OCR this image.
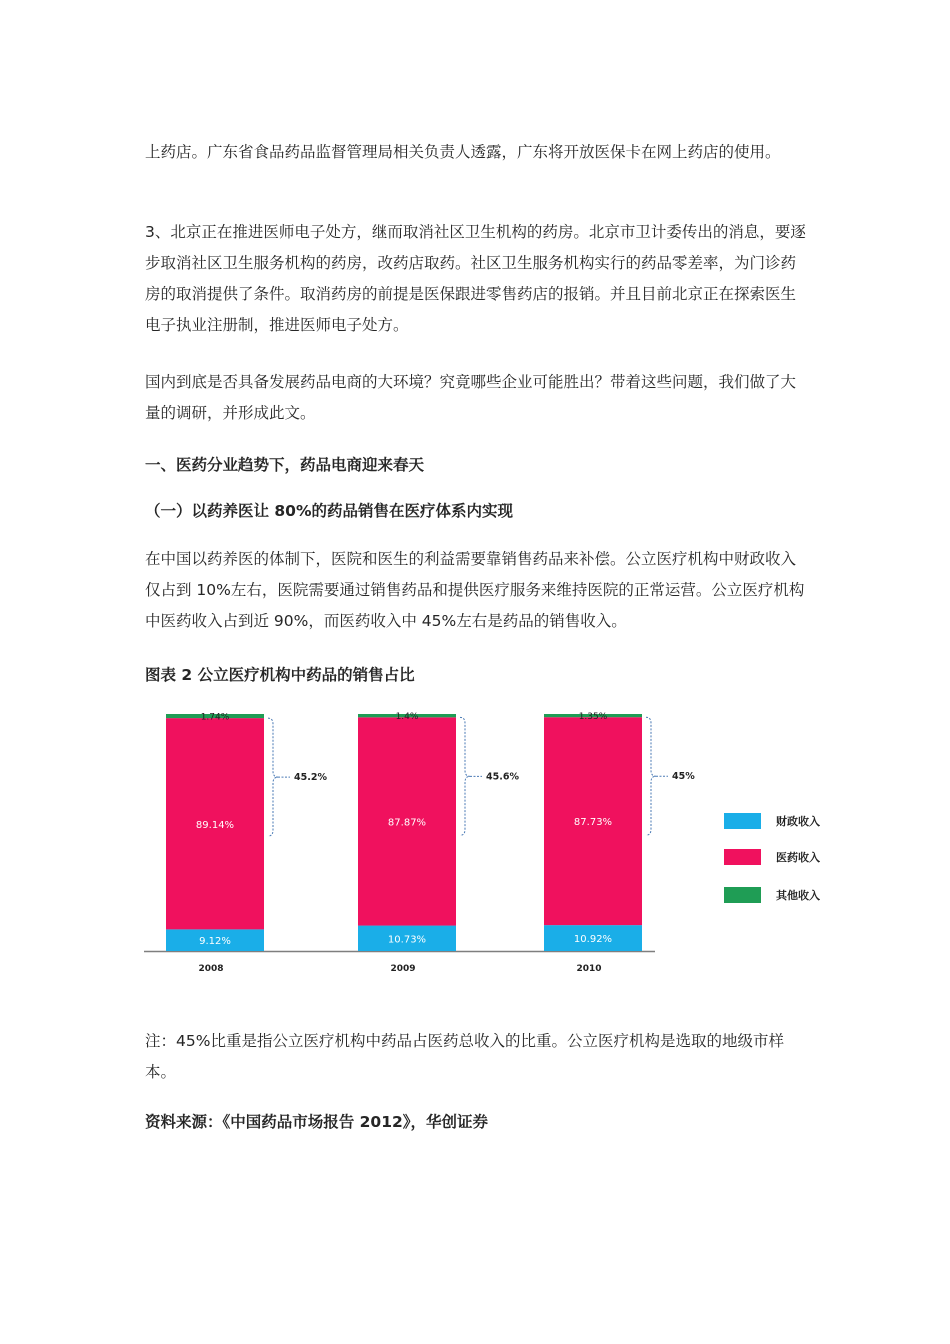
上药店。广东省食品药品监督管理局相关负责人透露，广东将开放医保卡在网上药店的使用。

3、北京正在推进医师电子处方，继而取消社区卫生机构的药房。北京市卫计委传出的消息，要逐步取消社区卫生服务机构的药房，改药店取药。社区卫生服务机构实行的药品零差率，为门诊药房的取消提供了条件。取消药房的前提是医保跟进零售药店的报销。并且目前北京正在探索医生电子执业注册制，推进医师电子处方。

国内到底是否具备发展药品电商的大环境？究竟哪些企业可能胜出？带着这些问题，我们做了大量的调研，并形成此文。

一、医药分业趋势下，药品电商迎来春天

（一）以药养医让 80%的药品销售在医疗体系内实现

在中国以药养医的体制下，医院和医生的利益需要靠销售药品来补偿。公立医疗机构中财政收入仅占到 10%左右，医院需要通过销售药品和提供医疗服务来维持医院的正常运营。公立医疗机构中医药收入占到近 90%，而医药收入中 45%左右是药品的销售收入。

图表 2 公立医疗机构中药品的销售占比

9.12%
89.14%
1.74%
2008
45.2%
10.73%
87.87%
1.4%
2009
45.6%
10.92%
87.73%
1.35%
2010
45%
财政收入
医药收入
其他收入

注：45%比重是指公立医疗机构中药品占医药总收入的比重。公立医疗机构是选取的地级市样本。

资料来源：《中国药品市场报告 2012》，华创证券
